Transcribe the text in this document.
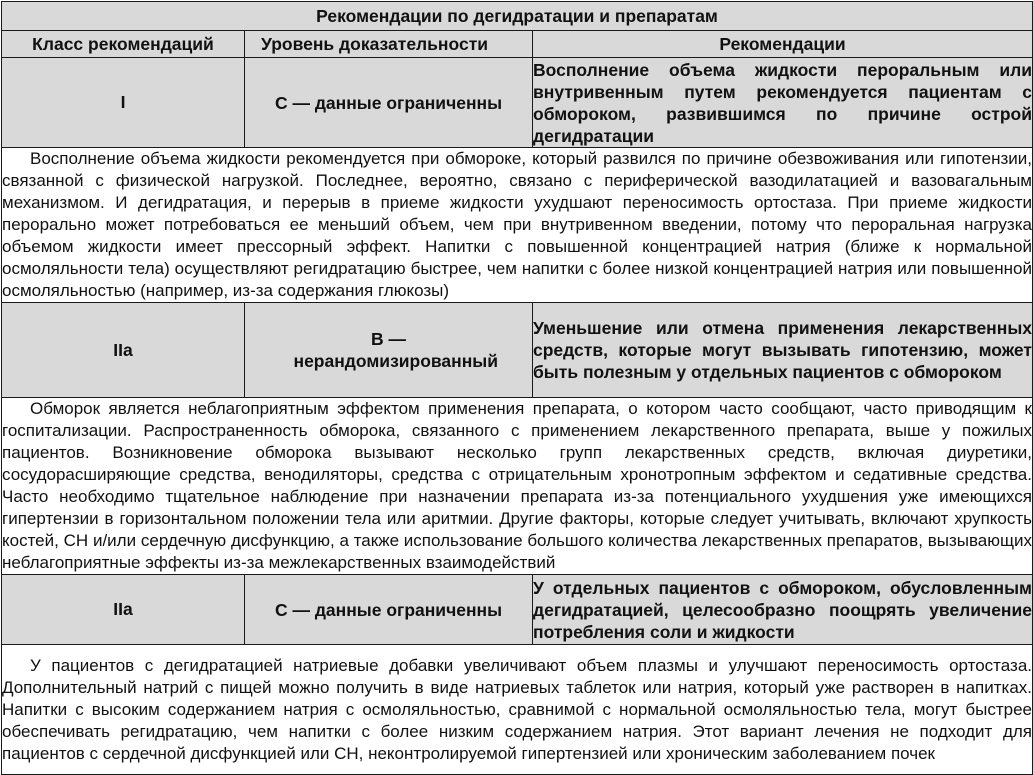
Рекомендации по дегидратации и препаратам		
Класс рекомендаций	Уровень доказательности	Рекомендации
I	С — данные ограниченны	Восполнение объема жидкости пероральным или внутривенным путем рекомендуется пациентам с обмороком, развившимся по причине острой дегидратации

Восполнение объема жидкости рекомендуется при обмороке, который развился по причине обезвоживания или гипотензии, связанной с физической нагрузкой. Последнее, вероятно, связано с периферической вазодилатацией и вазовагальным механизмом. И дегидратация, и перерыв в приеме жидкости ухудшают переносимость ортостаза. При приеме жидкости перорально может потребоваться ее меньший объем, чем при внутривенном введении, потому что пероральная нагрузка объемом жидкости имеет прессорный эффект. Напитки с повышенной концентрацией натрия (ближе к нормальной осмоляльности тела) осуществляют регидратацию быстрее, чем напитки с более низкой концентрацией натрия или повышенной осмоляльностью (например, из-за содержания глюкозы)		

IIa	В — нерандомизированный	Уменьшение или отмена применения лекарственных средств, которые могут вызывать гипотензию, может быть полезным у отдельных пациентов с обмороком

Обморок является неблагоприятным эффектом применения препарата, о котором часто сообщают, часто приводящим к госпитализации. Распространенность обморока, связанного с применением лекарственного препарата, выше у пожилых пациентов. Возникновение обморока вызывают несколько групп лекарственных средств, включая диуретики, сосудорасширяющие средства, венодиляторы, средства с отрицательным хронотропным эффектом и седативные средства. Часто необходимо тщательное наблюдение при назначении препарата из-за потенциального ухудшения уже имеющихся гипертензии в горизонтальном положении тела или аритмии. Другие факторы, которые следует учитывать, включают хрупкость костей, СН и/или сердечную дисфункцию, а также использование большого количества лекарственных препаратов, вызывающих неблагоприятные эффекты из-за межлекарственных взаимодействий		

IIa	С — данные ограниченны	У отдельных пациентов с обмороком, обусловленным дегидратацией, целесообразно поощрять увеличение потребления соли и жидкости

У пациентов с дегидратацией натриевые добавки увеличивают объем плазмы и улучшают переносимость ортостаза. Дополнительный натрий с пищей можно получить в виде натриевых таблеток или натрия, который уже растворен в напитках. Напитки с высоким содержанием натрия с осмоляльностью, сравнимой с нормальной осмоляльностью тела, могут быстрее обеспечивать регидратацию, чем напитки с более низким содержанием натрия. Этот вариант лечения не подходит для пациентов с сердечной дисфункцией или СН, неконтролируемой гипертензией или хроническим заболеванием почек		
